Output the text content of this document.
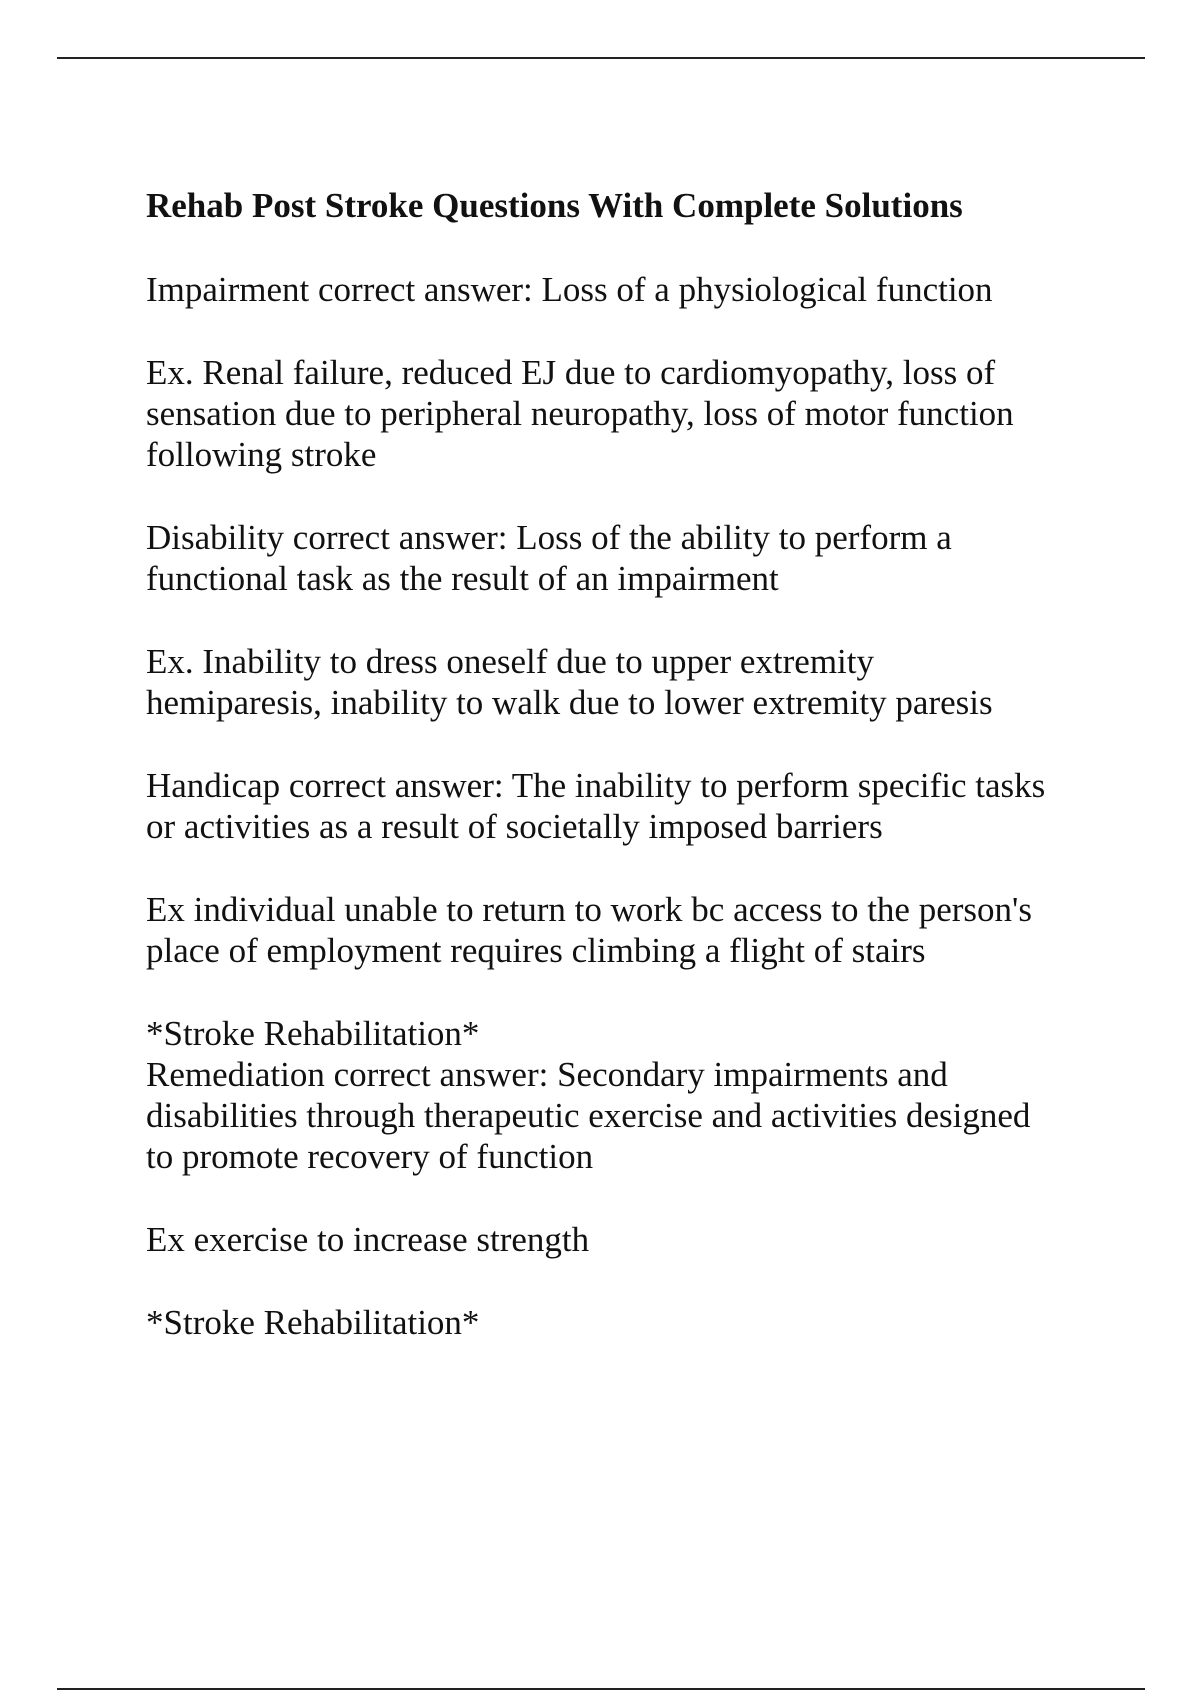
Rehab Post Stroke Questions With Complete Solutions
Impairment correct answer: Loss of a physiological function
Ex. Renal failure, reduced EJ due to cardiomyopathy, loss of
sensation due to peripheral neuropathy, loss of motor function
following stroke
Disability correct answer: Loss of the ability to perform a
functional task as the result of an impairment
Ex. Inability to dress oneself due to upper extremity
hemiparesis, inability to walk due to lower extremity paresis
Handicap correct answer: The inability to perform specific tasks
or activities as a result of societally imposed barriers
Ex individual unable to return to work bc access to the person's
place of employment requires climbing a flight of stairs
*Stroke Rehabilitation*
Remediation correct answer: Secondary impairments and
disabilities through therapeutic exercise and activities designed
to promote recovery of function
Ex exercise to increase strength
*Stroke Rehabilitation*
